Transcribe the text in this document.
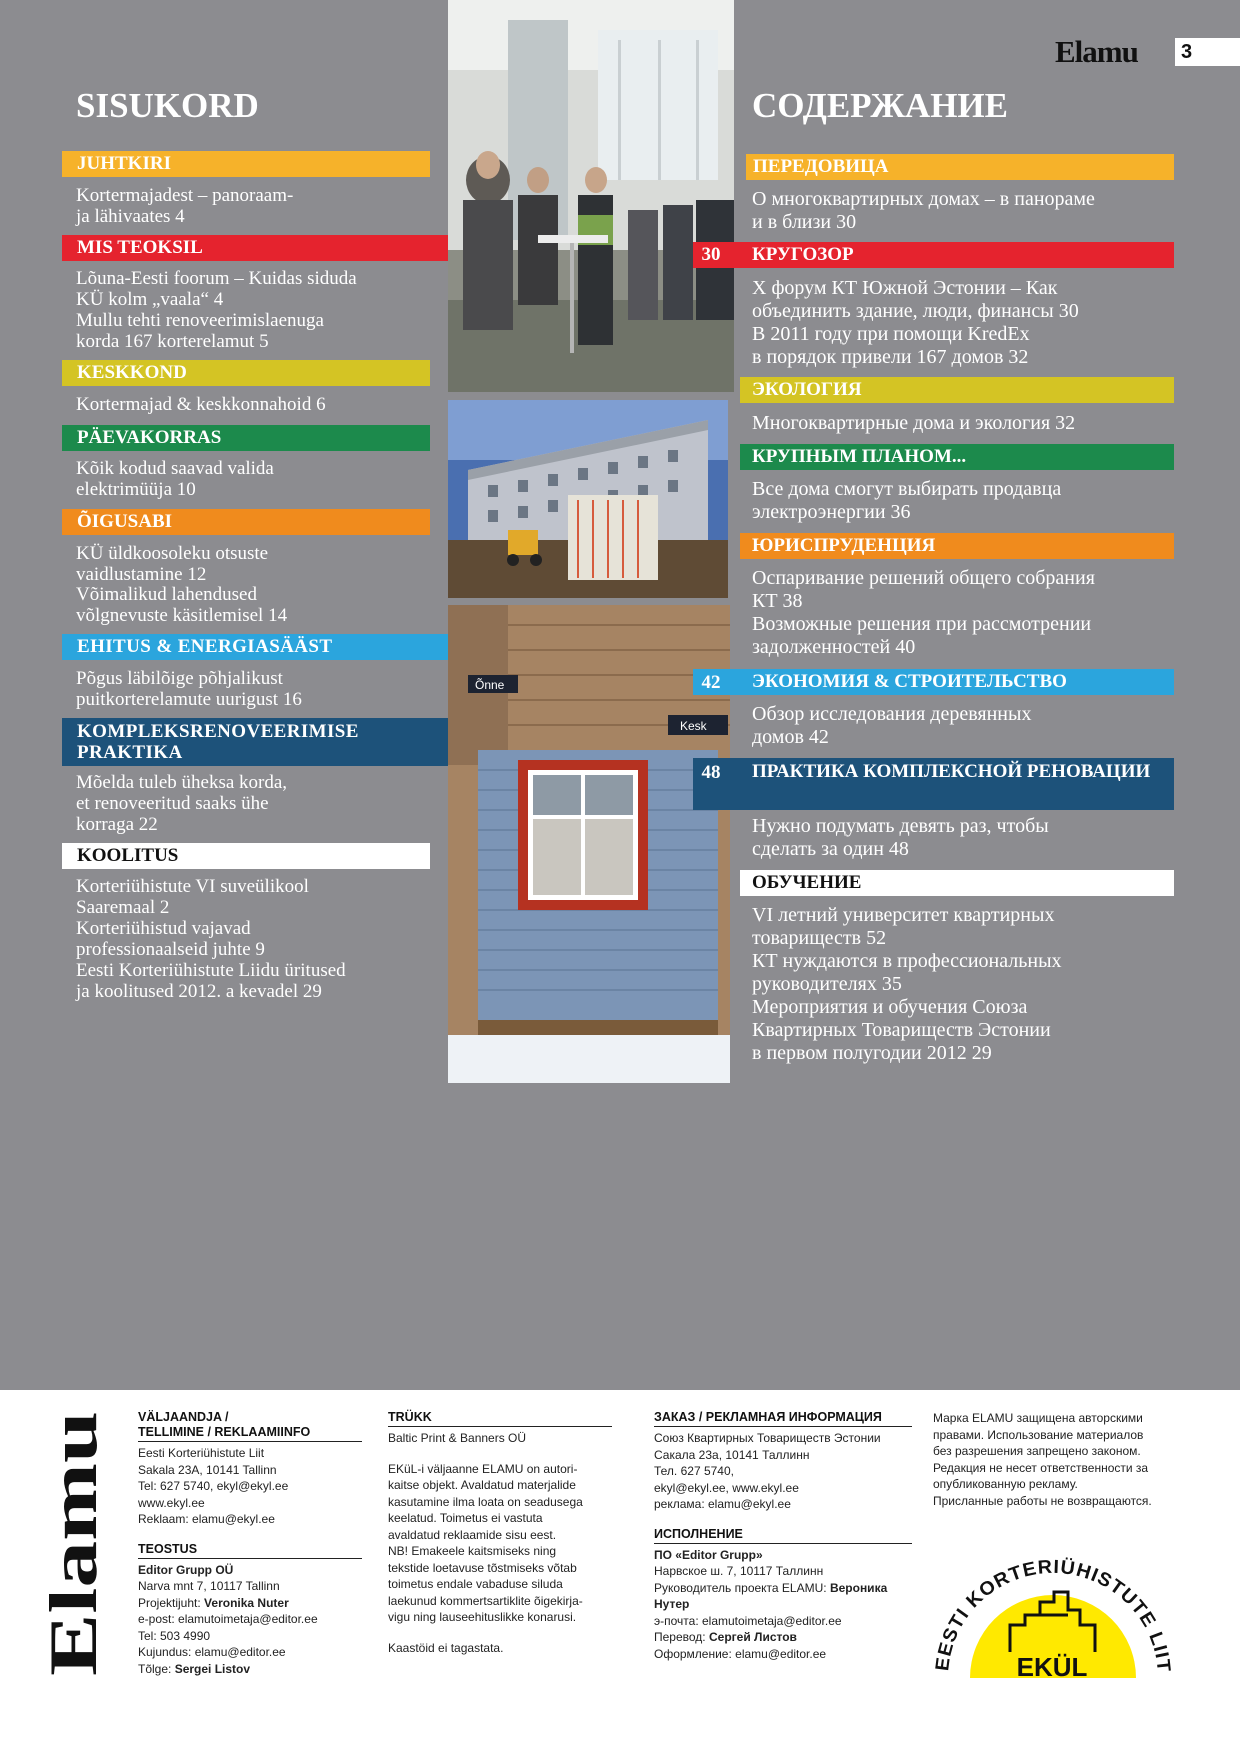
Elamu	3
SISUKORD	СОДЕРЖАНИЕ
JUHTKIRI
Kortermajadest – panoraam-
ja lähivaates 4
MIS TEOKSIL
Lõuna-Eesti foorum – Kuidas siduda
KÜ kolm „vaala“ 4
Mullu tehti renoveerimislaenuga
korda 167 korterelamut 5
KESKKOND
Kortermajad & keskkonnahoid 6
PÄEVAKORRAS
Kõik kodud saavad valida
elektrimüüja 10
ÕIGUSABI
KÜ üldkoosoleku otsuste
vaidlustamine 12
Võimalikud lahendused
võlgnevuste käsitlemisel 14
EHITUS & ENERGIASÄÄST
Põgus läbilõige põhjalikust
puitkorterelamute uurigust 16
KOMPLEKSRENOVEERIMISE PRAKTIKA
Mõelda tuleb üheksa korda,
et renoveeritud saaks ühe
korraga 22
KOOLITUS
Korteriühistute VI suveülikool
Saaremaal 2
Korteriühistud vajavad
professionaalseid juhte 9
Eesti Korteriühistute Liidu üritused
ja koolitused 2012. a kevadel 29
Õnne
Kesk
ПЕРЕДОВИЦА
О многоквартирных домах – в панораме
и в близи 30
КРУГОЗОР
30
X форум КТ Южной Эстонии – Как
объединить здание, люди, финансы 30
В 2011 году при помощи KredEx
в порядок привели 167 домов 32
ЭКОЛОГИЯ
Многоквартирные дома и экология 32
КРУПНЫМ ПЛАНОМ...
Все дома смогут выбирать продавца
электроэнергии 36
ЮРИСПРУДЕНЦИЯ
Оспаривание решений общего собрания
КТ 38
Возможные решения при рассмотрении
задолженностей 40
ЭКОНОМИЯ & СТРОИТЕЛЬСТВО
42
Обзор исследования деревянных
домов 42
ПРАКТИКА КОМПЛЕКСНОЙ РЕНОВАЦИИ
48
Нужно подумать девять раз, чтобы
сделать за один 48
ОБУЧЕНИЕ
VI летний университет квартирных
товариществ 52
КТ нуждаются в профессиональных
руководителях 35
Мероприятия и обучения Союза
Квартирных Товариществ Эстонии
в первом полугодии 2012 29
Elamu
VÄLJAANDJA /
TELLIMINE / REKLAAMIINFO
Eesti Korteriühistute Liit
Sakala 23A, 10141 Tallinn
Tel: 627 5740, ekyl@ekyl.ee
www.ekyl.ee
Reklaam: elamu@ekyl.ee
TEOSTUS
Editor Grupp OÜ
Narva mnt 7, 10117 Tallinn
Projektijuht: Veronika Nuter
e-post: elamutoimetaja@editor.ee
Tel: 503 4990
Kujundus: elamu@editor.ee
Tõlge: Sergei Listov
TRÜKK
Baltic Print & Banners OÜ
EKüL-i väljaanne ELAMU on autori-
kaitse objekt. Avaldatud materjalide
kasutamine ilma loata on seadusega
keelatud. Toimetus ei vastuta
avaldatud reklaamide sisu eest.
NB! Emakeele kaitsmiseks ning
tekstide loetavuse tõstmiseks võtab
toimetus endale vabaduse siluda
laekunud kommertsartiklite õigekirja-
vigu ning lauseehituslikke konarusi.
Kaastöid ei tagastata.
ЗАКАЗ / РЕКЛАМНАЯ ИНФОРМАЦИЯ
Союз Квартирных Товариществ Эстонии
Сакала 23а, 10141 Таллинн
Тел. 627 5740,
ekyl@ekyl.ee, www.ekyl.ee
реклама: elamu@ekyl.ee
ИСПОЛНЕНИЕ
ПО «Editor Grupp»
Нарвское ш. 7, 10117 Таллинн
Руководитель проекта ELAMU: Вероника
Нутер
э-почта: elamutoimetaja@editor.ee
Перевод: Сергей Листов
Оформление: elamu@editor.ee
Марка ELAMU защищена авторскими
правами. Использование материалов
без разрешения запрещено законом.
Редакция не несет ответственности за
опубликованную рекламу.
Присланные работы не возвращаются.
EESTI KORTERIÜHISTUTE LIIT
EKÜL
